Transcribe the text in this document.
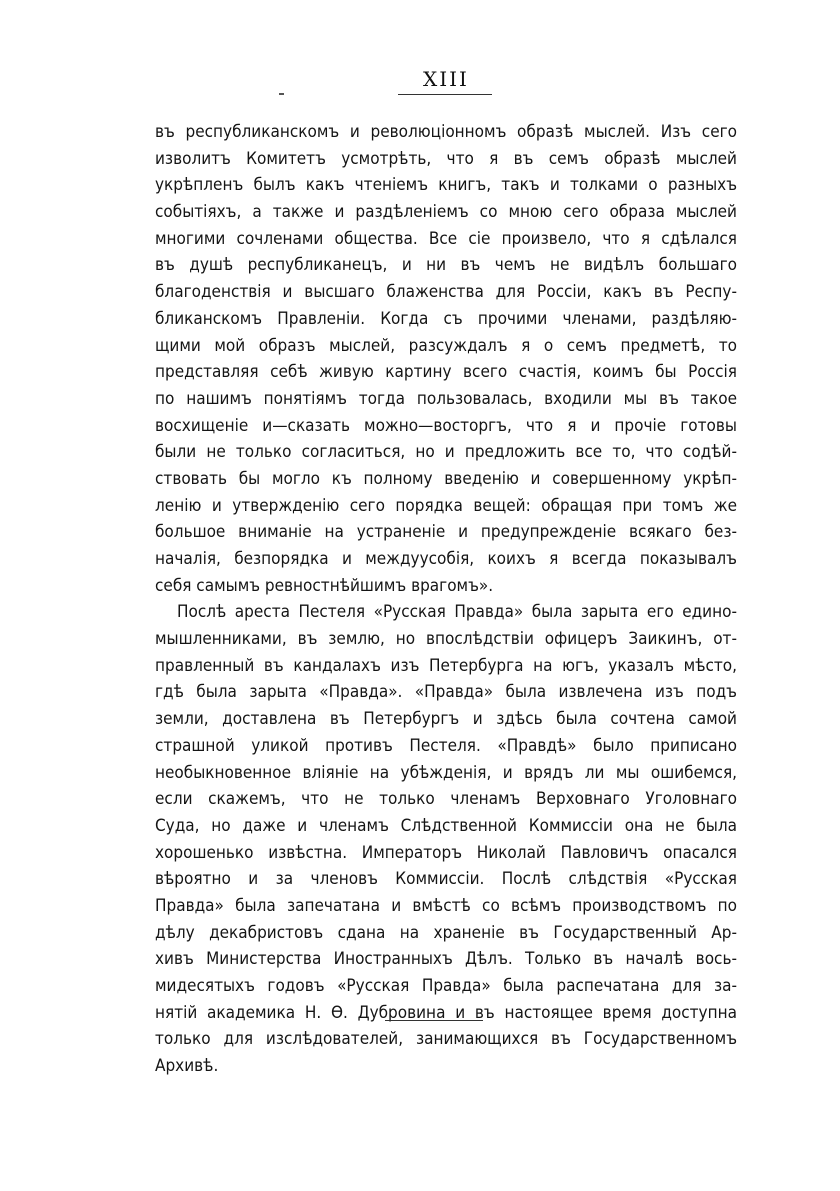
XIII
въ республиканскомъ и революціонномъ образѣ мыслей. Изъ сего
изволитъ Комитетъ усмотрѣть, что я въ семъ образѣ мыслей
укрѣпленъ былъ какъ чтеніемъ книгъ, такъ и толками о разныхъ
событіяхъ, а также и раздѣленіемъ со мною сего образа мыслей
многими сочленами общества. Все сіе произвело, что я сдѣлался
въ душѣ республиканецъ, и ни въ чемъ не видѣлъ большаго
благоденствія и высшаго блаженства для Россіи, какъ въ Респу-
бликанскомъ Правленіи. Когда съ прочими членами, раздѣляю-
щими мой образъ мыслей, разсуждалъ я о семъ предметѣ, то
представляя себѣ живую картину всего счастія, коимъ бы Россія
по нашимъ понятіямъ тогда пользовалась, входили мы въ такое
восхищеніе и—сказать можно—восторгъ, что я и прочіе готовы
были не только согласиться, но и предложить все то, что содѣй-
ствовать бы могло къ полному введенію и совершенному укрѣп-
ленію и утвержденію сего порядка вещей: обращая при томъ же
большое вниманіе на устраненіе и предупрежденіе всякаго без-
началія, безпорядка и междуусобія, коихъ я всегда показывалъ
себя самымъ ревностнѣйшимъ врагомъ».
Послѣ ареста Пестеля «Русская Правда» была зарыта его едино-
мышленниками, въ землю, но впослѣдствіи офицеръ Заикинъ, от-
правленный въ кандалахъ изъ Петербурга на югъ, указалъ мѣсто,
гдѣ была зарыта «Правда». «Правда» была извлечена изъ подъ
земли, доставлена въ Петербургъ и здѣсь была сочтена самой
страшной уликой противъ Пестеля. «Правдѣ» было приписано
необыкновенное вліяніе на убѣжденія, и врядъ ли мы ошибемся,
если скажемъ, что не только членамъ Верховнаго Уголовнаго
Суда, но даже и членамъ Слѣдственной Коммиссіи она не была
хорошенько извѣстна. Императоръ Николай Павловичъ опасался
вѣроятно и за членовъ Коммиссіи. Послѣ слѣдствія «Русская
Правда» была запечатана и вмѣстѣ со всѣмъ производствомъ по
дѣлу декабристовъ сдана на храненіе въ Государственный Ар-
хивъ Министерства Иностранныхъ Дѣлъ. Только въ началѣ вось-
мидесятыхъ годовъ «Русская Правда» была распечатана для за-
нятій академика Н. Ѳ. Дубровина и въ настоящее время доступна
только для изслѣдователей, занимающихся въ Государственномъ
Архивѣ.
